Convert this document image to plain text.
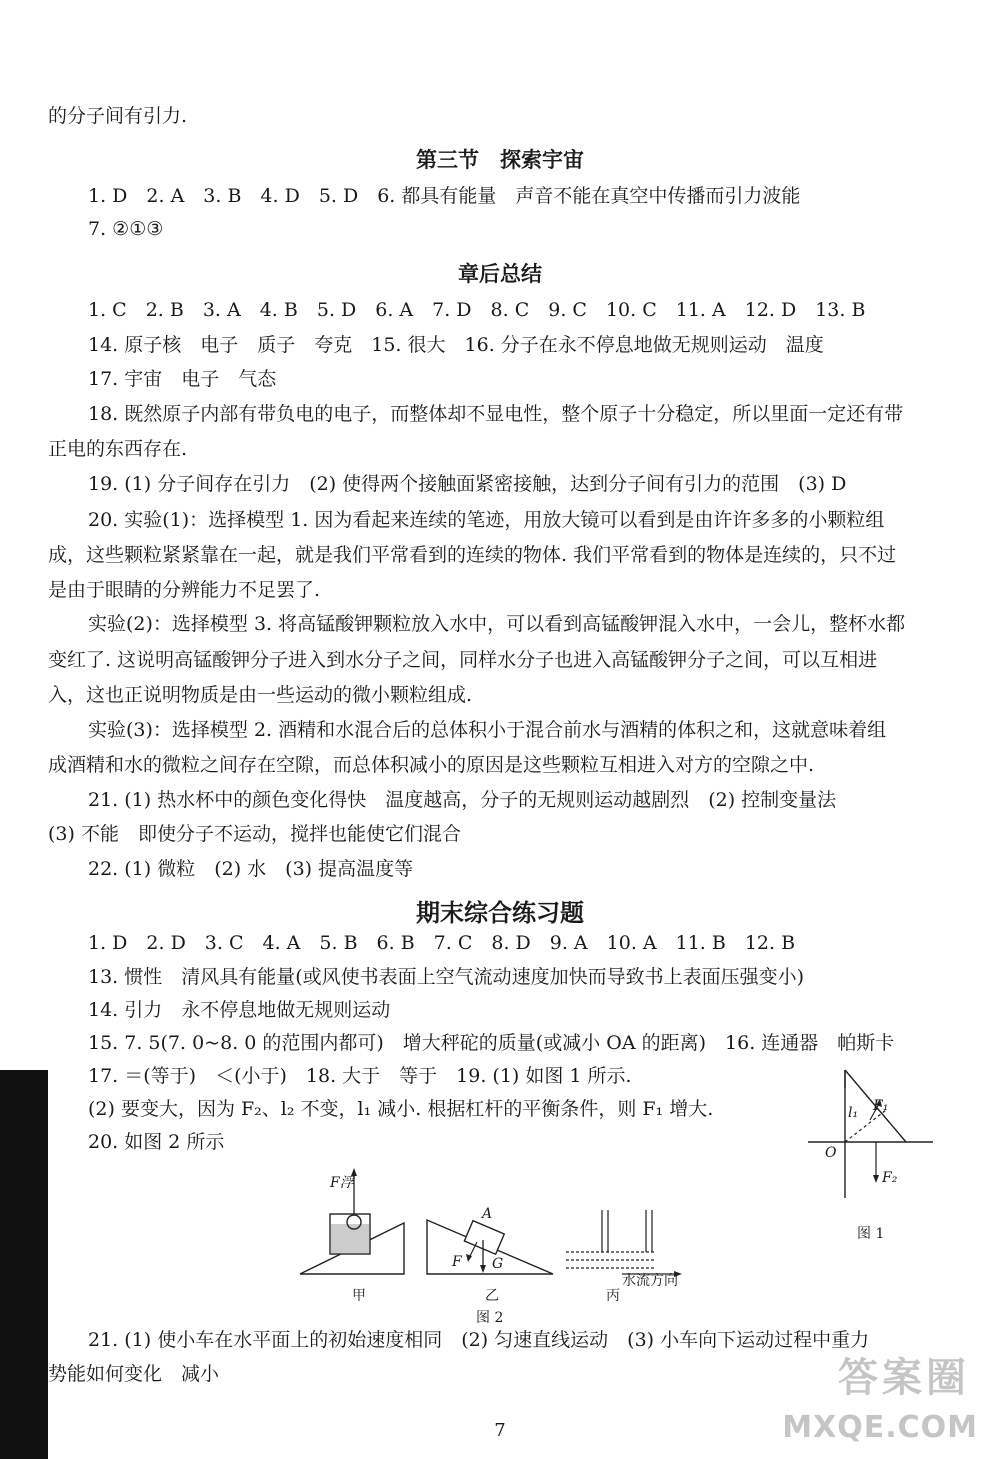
的分子间有引力.
第三节　探索宇宙
1. D　2. A　3. B　4. D　5. D　6. 都具有能量　声音不能在真空中传播而引力波能
7. ②①③
章后总结
1. C　2. B　3. A　4. B　5. D　6. A　7. D　8. C　9. C　10. C　11. A　12. D　13. B
14. 原子核　电子　质子　夸克　15. 很大　16. 分子在永不停息地做无规则运动　温度
17. 宇宙　电子　气态
18. 既然原子内部有带负电的电子，而整体却不显电性，整个原子十分稳定，所以里面一定还有带
正电的东西存在.
19. (1) 分子间存在引力　(2) 使得两个接触面紧密接触，达到分子间有引力的范围　(3) D
20. 实验(1)：选择模型 1. 因为看起来连续的笔迹，用放大镜可以看到是由许许多多的小颗粒组
成，这些颗粒紧紧靠在一起，就是我们平常看到的连续的物体. 我们平常看到的物体是连续的，只不过
是由于眼睛的分辨能力不足罢了.
实验(2)：选择模型 3. 将高锰酸钾颗粒放入水中，可以看到高锰酸钾混入水中，一会儿，整杯水都
变红了. 这说明高锰酸钾分子进入到水分子之间，同样水分子也进入高锰酸钾分子之间，可以互相进
入，这也正说明物质是由一些运动的微小颗粒组成.
实验(3)：选择模型 2. 酒精和水混合后的总体积小于混合前水与酒精的体积之和，这就意味着组
成酒精和水的微粒之间存在空隙，而总体积减小的原因是这些颗粒互相进入对方的空隙之中.
21. (1) 热水杯中的颜色变化得快　温度越高，分子的无规则运动越剧烈　(2) 控制变量法
(3) 不能　即使分子不运动，搅拌也能使它们混合
22. (1) 微粒　(2) 水　(3) 提高温度等
期末综合练习题
1. D　2. D　3. C　4. A　5. B　6. B　7. C　8. D　9. A　10. A　11. B　12. B
13. 惯性　清风具有能量(或风使书表面上空气流动速度加快而导致书上表面压强变小)
14. 引力　永不停息地做无规则运动
15. 7. 5(7. 0~8. 0 的范围内都可)　增大秤砣的质量(或减小 OA 的距离)　16. 连通器　帕斯卡
17. ＝(等于)　＜(小于)　18. 大于　等于　19. (1) 如图 1 所示.
(2) 要变大，因为 F₂、l₂ 不变，l₁ 减小. 根据杠杆的平衡条件，则 F₁ 增大.
20. 如图 2 所示
21. (1) 使小车在水平面上的初始速度相同　(2) 匀速直线运动　(3) 小车向下运动过程中重力
势能如何变化　减小
O
l₁ F₁
F₂
图 1
F浮
A
F G
水流方向
甲	乙	丙
图 2
7
答案圈
MXQE.COM
